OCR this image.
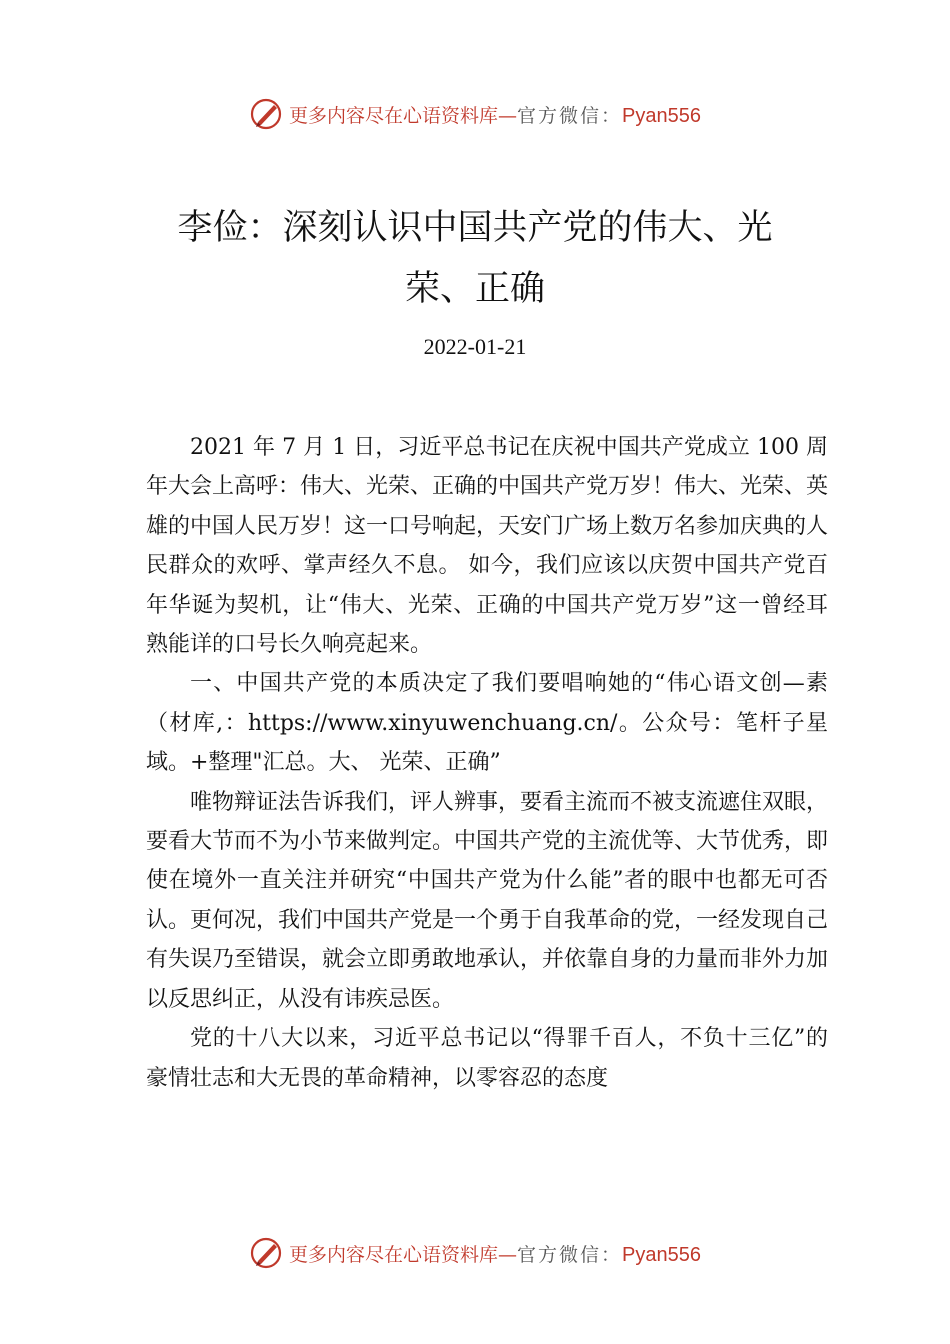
更多内容尽在心语资料库—官方微信：Pyan556
李俭：深刻认识中国共产党的伟大、光荣、正确
2022-01-21

2021 年 7 月 1 日，习近平总书记在庆祝中国共产党成立 100 周年大会上高呼：伟大、光荣、正确的中国共产党万岁！伟大、光荣、英雄的中国人民万岁！这一口号响起，天安门广场上数万名参加庆典的人民群众的欢呼、掌声经久不息。 如今，我们应该以庆贺中国共产党百年华诞为契机，让“伟大、光荣、正确的中国共产党万岁”这一曾经耳熟能详的口号长久响亮起来。

一、中国共产党的本质决定了我们要唱响她的“伟心语文创—素（材库,：https://www.xinyuwenchuang.cn/。公众号：笔杆子星域。+整理"汇总。大、 光荣、正确”

唯物辩证法告诉我们，评人辨事，要看主流而不被支流遮住双眼，要看大节而不为小节来做判定。中国共产党的主流优等、大节优秀，即使在境外一直关注并研究“中国共产党为什么能”者的眼中也都无可否认。更何况，我们中国共产党是一个勇于自我革命的党，一经发现自己有失误乃至错误，就会立即勇敢地承认，并依靠自身的力量而非外力加以反思纠正，从没有讳疾忌医。

党的十八大以来，习近平总书记以“得罪千百人，不负十三亿”的豪情壮志和大无畏的革命精神，以零容忍的态度

更多内容尽在心语资料库—官方微信：Pyan556
